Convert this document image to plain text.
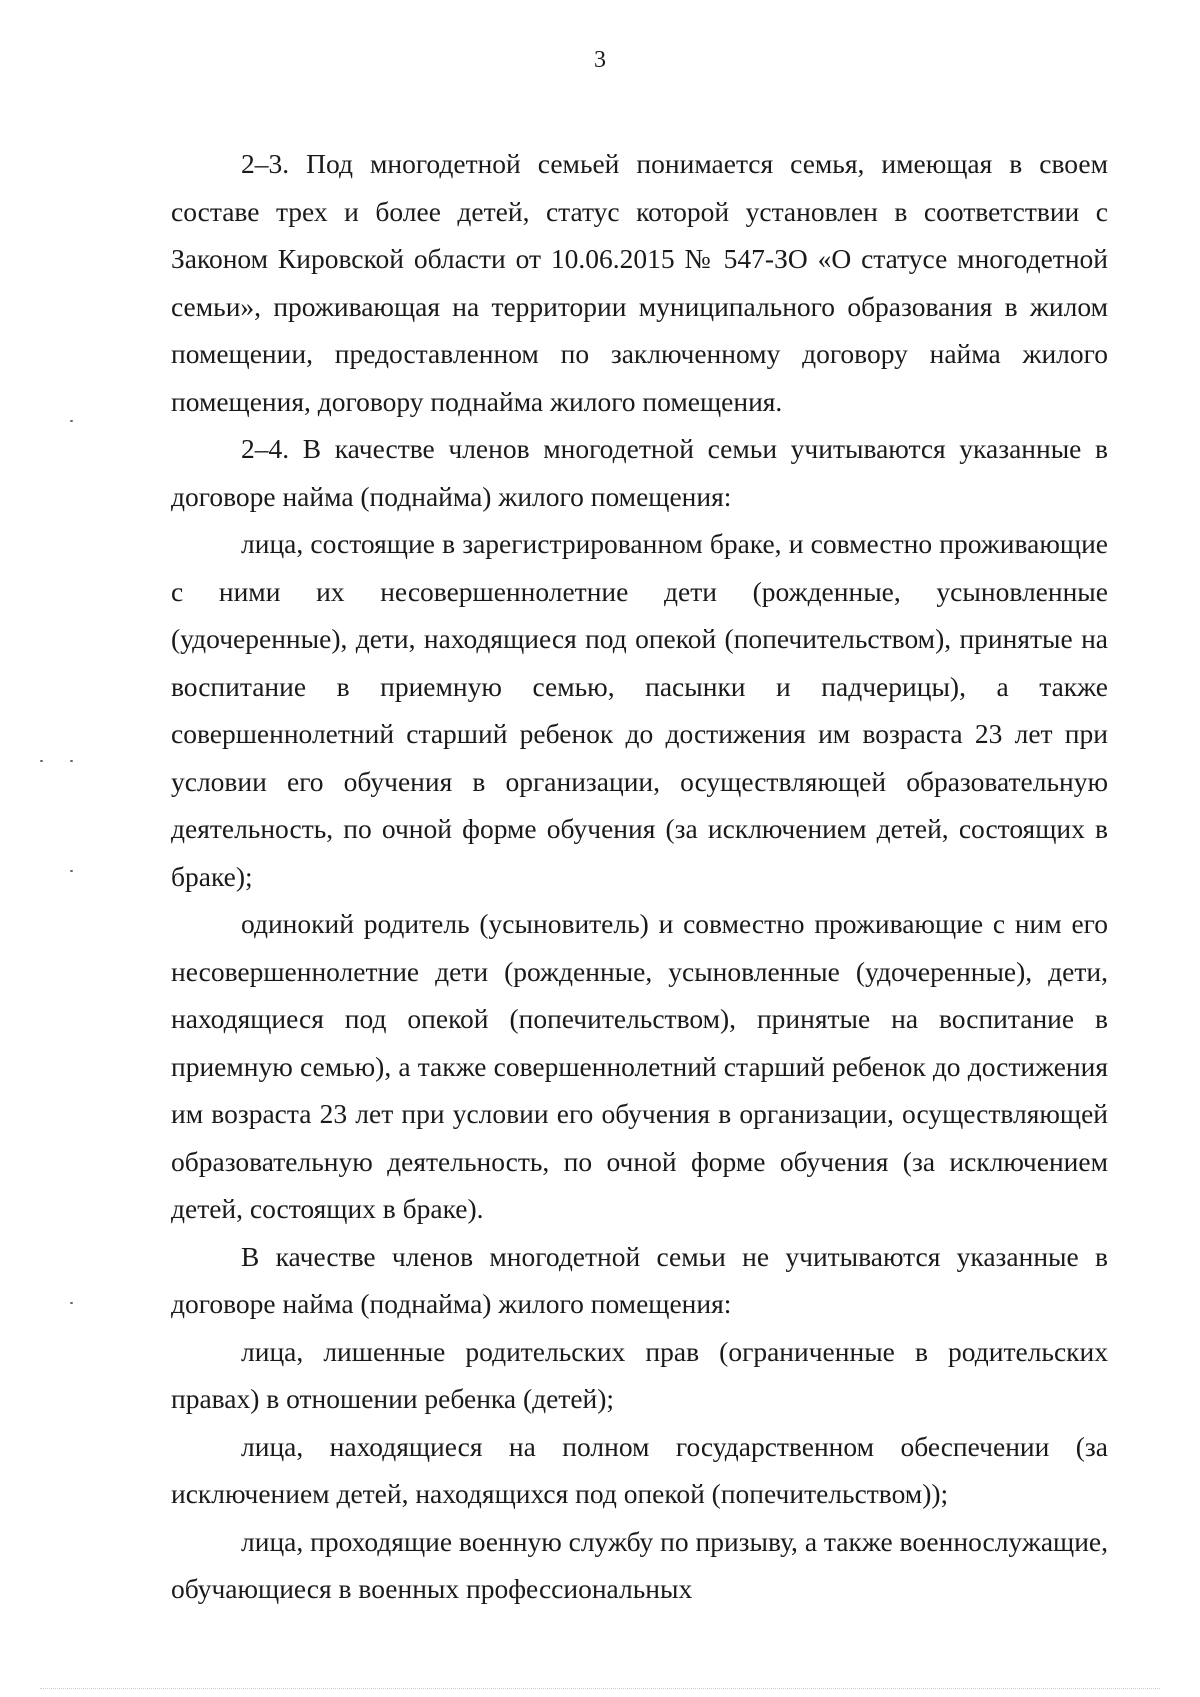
3

2–3. Под многодетной семьей понимается семья, имеющая в своем составе трех и более детей, статус которой установлен в соответствии с Законом Кировской области от 10.06.2015 № 547-ЗО «О статусе многодетной семьи», проживающая на территории муниципального образования в жилом помещении, предоставленном по заключенному договору найма жилого помещения, договору поднайма жилого помещения.

2–4. В качестве членов многодетной семьи учитываются указанные в договоре найма (поднайма) жилого помещения:

лица, состоящие в зарегистрированном браке, и совместно проживающие с ними их несовершеннолетние дети (рожденные, усыновленные (удочеренные), дети, находящиеся под опекой (попечительством), принятые на воспитание в приемную семью, пасынки и падчерицы), а также совершеннолетний старший ребенок до достижения им возраста 23 лет при условии его обучения в организации, осуществляющей образовательную деятельность, по очной форме обучения (за исключением детей, состоящих в браке);

одинокий родитель (усыновитель) и совместно проживающие с ним его несовершеннолетние дети (рожденные, усыновленные (удочеренные), дети, находящиеся под опекой (попечительством), принятые на воспитание в приемную семью), а также совершеннолетний старший ребенок до достижения им возраста 23 лет при условии его обучения в организации, осуществляющей образовательную деятельность, по очной форме обучения (за исключением детей, состоящих в браке).

В качестве членов многодетной семьи не учитываются указанные в договоре найма (поднайма) жилого помещения:

лица, лишенные родительских прав (ограниченные в родительских правах) в отношении ребенка (детей);

лица, находящиеся на полном государственном обеспечении (за исключением детей, находящихся под опекой (попечительством));

лица, проходящие военную службу по призыву, а также военнослужащие, обучающиеся в военных профессиональных
